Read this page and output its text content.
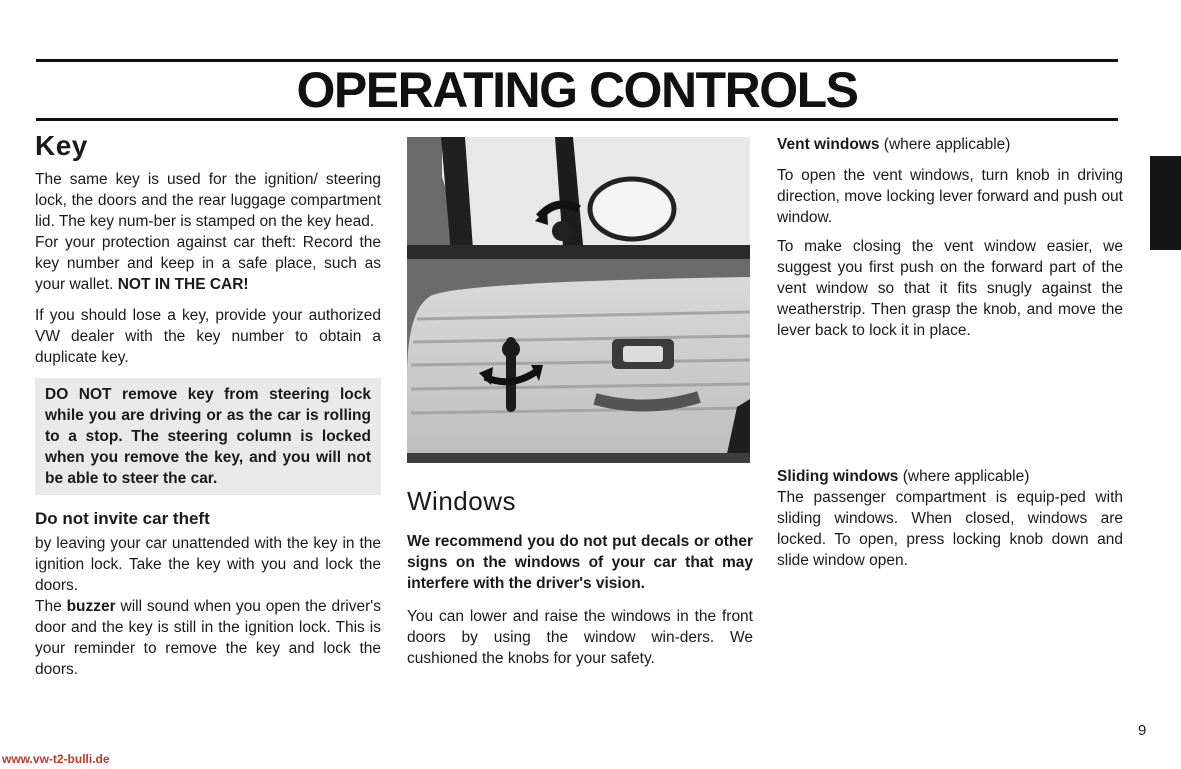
OPERATING CONTROLS
Key

The same key is used for the ignition/ steering lock, the doors and the rear luggage compartment lid. The key num-ber is stamped on the key head.

For your protection against car theft: Record the key number and keep in a safe place, such as your wallet. NOT IN THE CAR!

If you should lose a key, provide your authorized VW dealer with the key number to obtain a duplicate key.

DO NOT remove key from steering lock while you are driving or as the car is rolling to a stop. The steering column is locked when you remove the key, and you will not be able to steer the car.
Do not invite car theft

by leaving your car unattended with the key in the ignition lock. Take the key with you and lock the doors.

The buzzer will sound when you open the driver's door and the key is still in the ignition lock. This is your reminder to remove the key and lock the doors.

Windows
We recommend you do not put decals or other signs on the windows of your car that may interfere with the driver's vision.

You can lower and raise the windows in the front doors by using the window win-ders. We cushioned the knobs for your safety.

Vent windows (where applicable)

To open the vent windows, turn knob in driving direction, move locking lever forward and push out window.

To make closing the vent window easier, we suggest you first push on the forward part of the vent window so that it fits snugly against the weatherstrip. Then grasp the knob, and move the lever back to lock it in place.

Sliding windows (where applicable)

The passenger compartment is equip-ped with sliding windows. When closed, windows are locked. To open, press locking knob down and slide window open.

9
www.vw-t2-bulli.de
